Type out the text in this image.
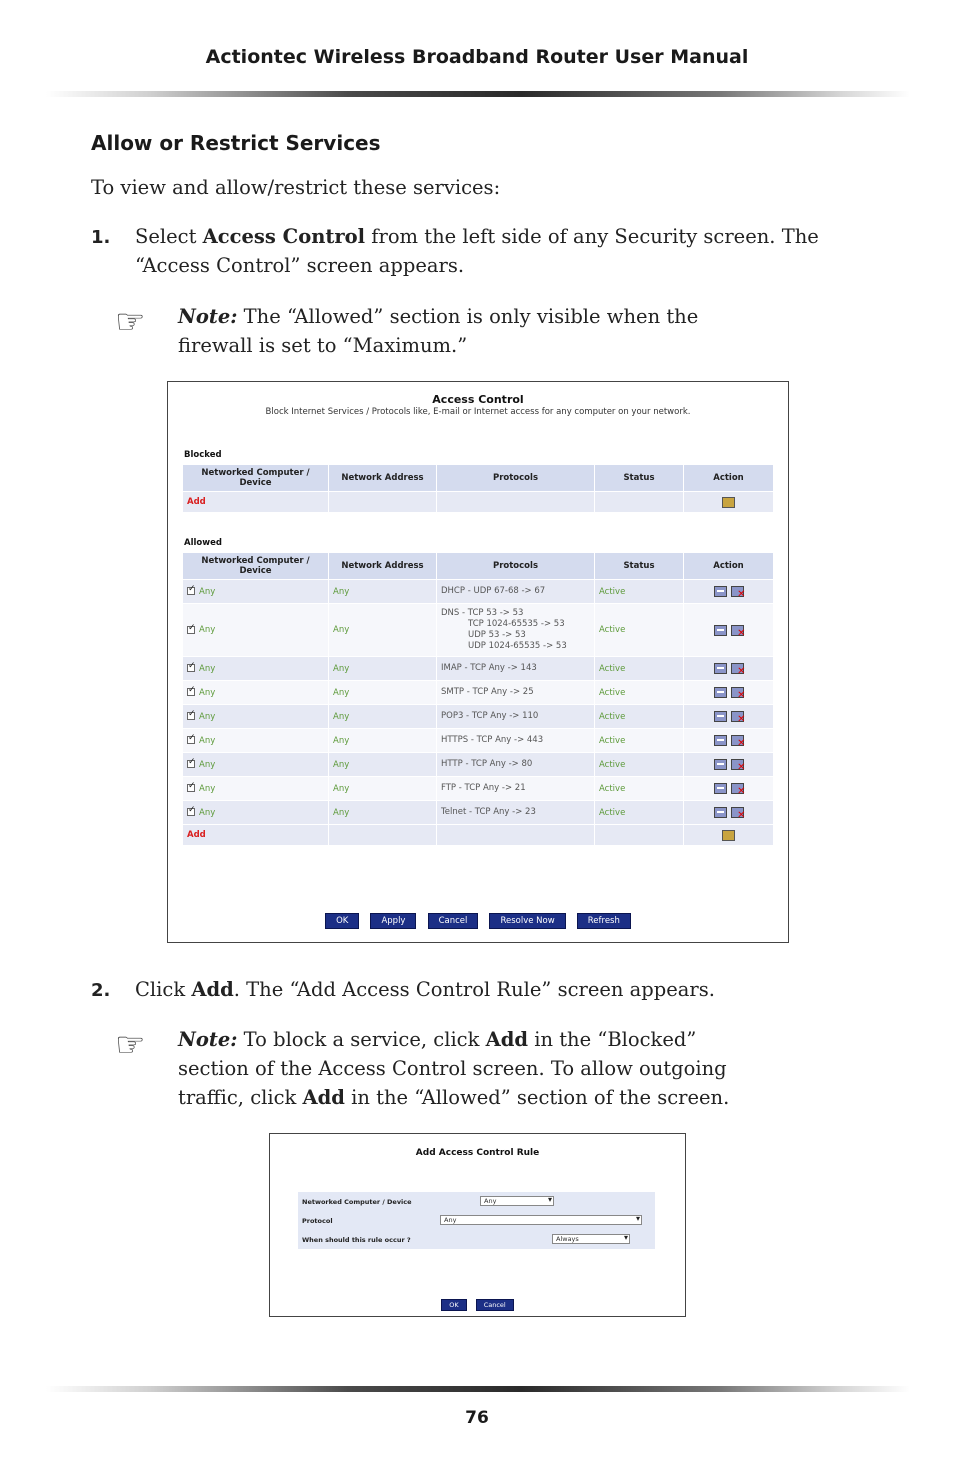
Actiontec Wireless Broadband Router User Manual
Allow or Restrict Services
To view and allow/restrict these services:
1. Select Access Control from the left side of any Security screen. The “Access Control” screen appears.
☞ Note: The “Allowed” section is only visible when the firewall is set to “Maximum.”
Access Control
Block Internet Services / Protocols like, E-mail or Internet access for any computer on your network.
Blocked
Networked Computer / Device	Network Address	Protocols	Status	Action
Add				
Allowed
Networked Computer / Device	Network Address	Protocols	Status	Action
✓Any	Any	DHCP - UDP 67-68 -> 67	Active	✕
✓Any	Any	DNS - TCP 53 -> 53
TCP 1024-65535 -> 53
UDP 53 -> 53
UDP 1024-65535 -> 53	Active	✕
✓Any	Any	IMAP - TCP Any -> 143	Active	✕
✓Any	Any	SMTP - TCP Any -> 25	Active	✕
✓Any	Any	POP3 - TCP Any -> 110	Active	✕
✓Any	Any	HTTPS - TCP Any -> 443	Active	✕
✓Any	Any	HTTP - TCP Any -> 80	Active	✕
✓Any	Any	FTP - TCP Any -> 21	Active	✕
✓Any	Any	Telnet - TCP Any -> 23	Active	✕
Add				
OK	Apply	Cancel	Resolve Now	Refresh
2. Click Add. The “Add Access Control Rule” screen appears.
☞ Note: To block a service, click Add in the “Blocked” section of the Access Control screen. To allow outgoing traffic, click Add in the “Allowed” section of the screen.
Add Access Control Rule
Networked Computer / Device	Any ▾
Protocol	Any ▾
When should this rule occur ?	Always ▾
OK	Cancel
76
